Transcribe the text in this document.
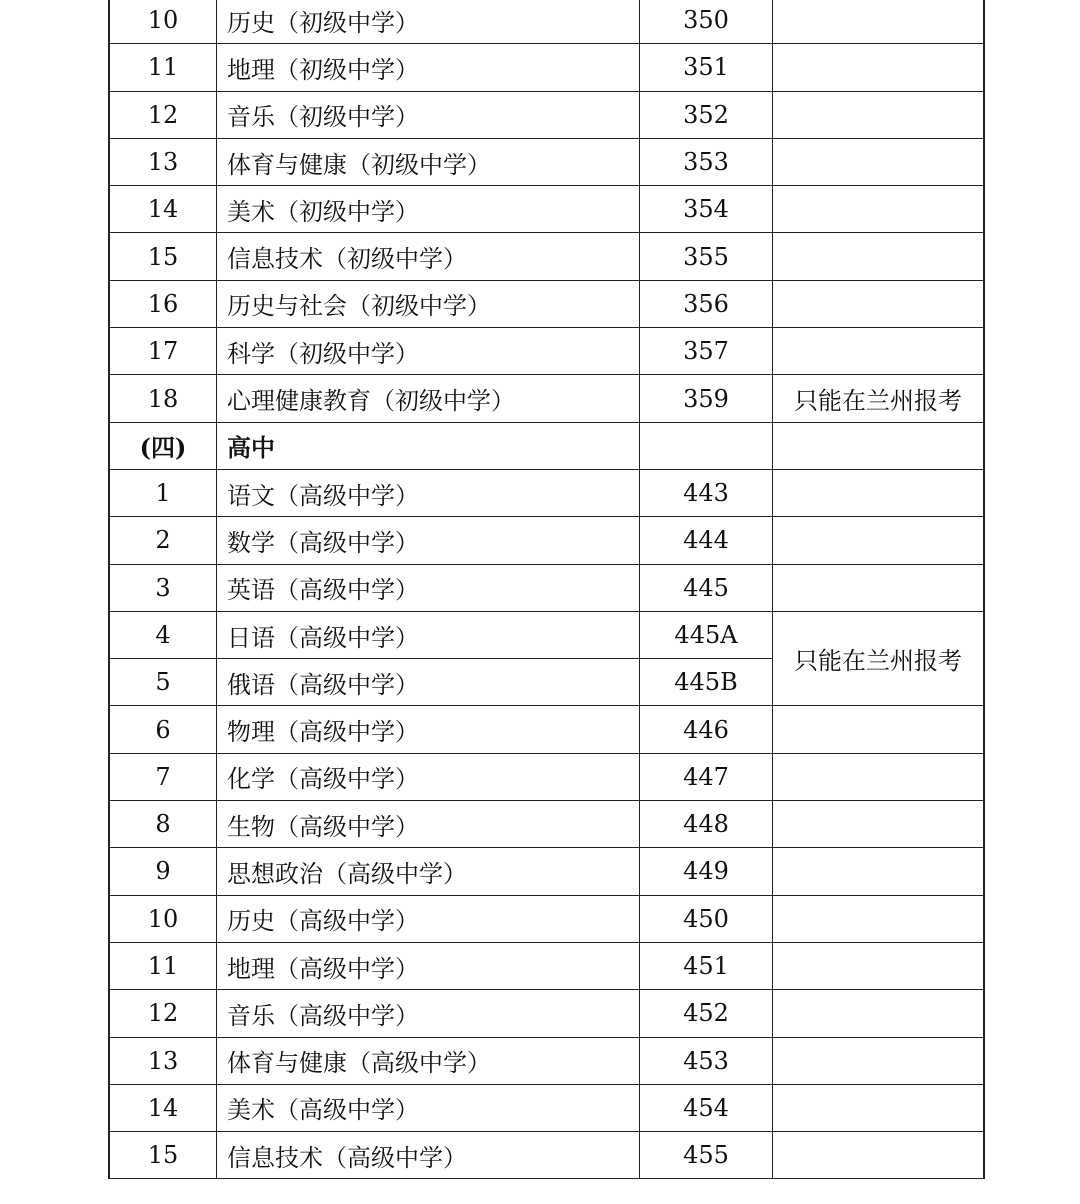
10	历史（初级中学）	350	
11	地理（初级中学）	351	
12	音乐（初级中学）	352	
13	体育与健康（初级中学）	353	
14	美术（初级中学）	354	
15	信息技术（初级中学）	355	
16	历史与社会（初级中学）	356	
17	科学（初级中学）	357	
18	心理健康教育（初级中学）	359	只能在兰州报考
(四)	高中		
1	语文（高级中学）	443	
2	数学（高级中学）	444	
3	英语（高级中学）	445	
4	日语（高级中学）	445A	只能在兰州报考
5	俄语（高级中学）	445B	
6	物理（高级中学）	446	
7	化学（高级中学）	447	
8	生物（高级中学）	448	
9	思想政治（高级中学）	449	
10	历史（高级中学）	450	
11	地理（高级中学）	451	
12	音乐（高级中学）	452	
13	体育与健康（高级中学）	453	
14	美术（高级中学）	454	
15	信息技术（高级中学）	455	
